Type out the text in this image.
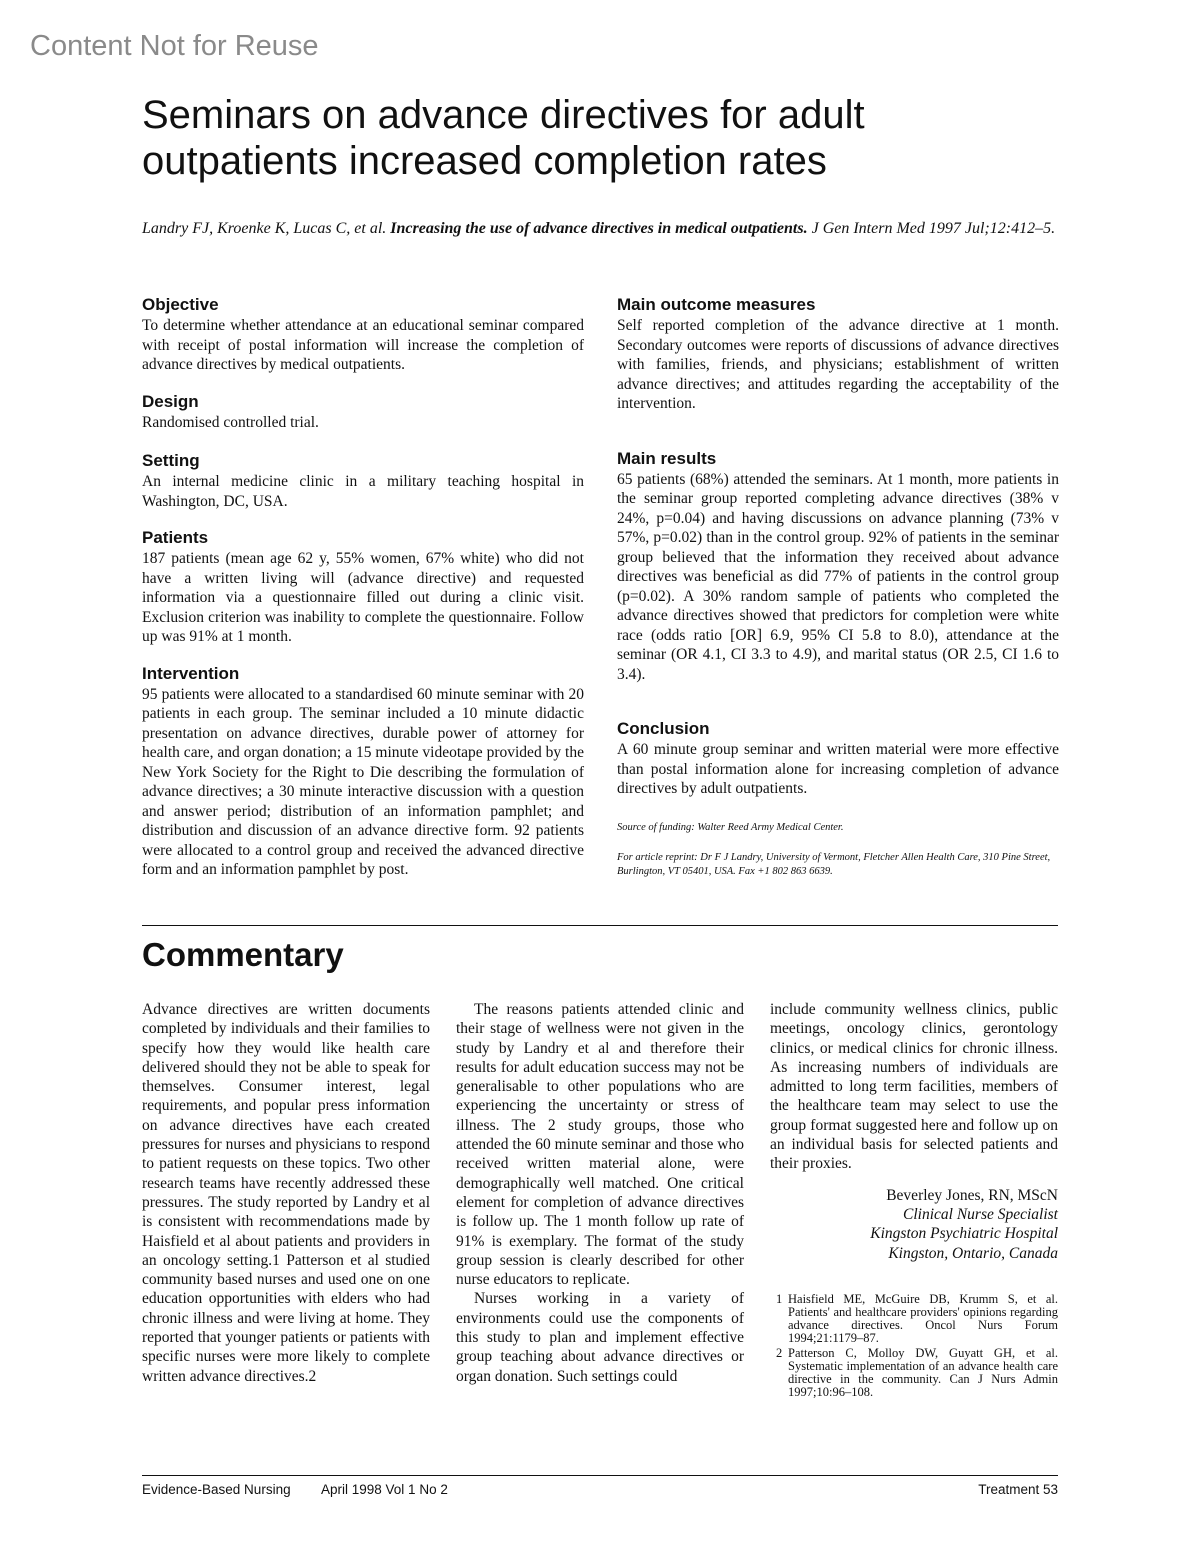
Content Not for Reuse
Seminars on advance directives for adult
outpatients increased completion rates
Landry FJ, Kroenke K, Lucas C, et al. Increasing the use of advance directives in medical outpatients. J Gen Intern Med 1997 Jul;12:412–5.
Objective

To determine whether attendance at an educational seminar compared with receipt of postal information will increase the completion of advance directives by medical outpatients.

Design

Randomised controlled trial.

Setting

An internal medicine clinic in a military teaching hospital in Washington, DC, USA.

Patients

187 patients (mean age 62 y, 55% women, 67% white) who did not have a written living will (advance directive) and requested information via a questionnaire filled out during a clinic visit. Exclusion criterion was inability to complete the questionnaire. Follow up was 91% at 1 month.

Intervention

95 patients were allocated to a standardised 60 minute seminar with 20 patients in each group. The seminar included a 10 minute didactic presentation on advance directives, durable power of attorney for health care, and organ donation; a 15 minute videotape provided by the New York Society for the Right to Die describing the formulation of advance directives; a 30 minute interactive discussion with a question and answer period; distribution of an information pamphlet; and distribution and discussion of an advance directive form. 92 patients were allocated to a control group and received the advanced directive form and an information pamphlet by post.

Main outcome measures

Self reported completion of the advance directive at 1 month. Secondary outcomes were reports of discussions of advance directives with families, friends, and physicians; establishment of written advance directives; and attitudes regarding the acceptability of the intervention.

Main results

65 patients (68%) attended the seminars. At 1 month, more patients in the seminar group reported completing advance directives (38% v 24%, p=0.04) and having discussions on advance planning (73% v 57%, p=0.02) than in the control group. 92% of patients in the seminar group believed that the information they received about advance directives was beneficial as did 77% of patients in the control group (p=0.02). A 30% random sample of patients who completed the advance directives showed that predictors for completion were white race (odds ratio [OR] 6.9, 95% CI 5.8 to 8.0), attendance at the seminar (OR 4.1, CI 3.3 to 4.9), and marital status (OR 2.5, CI 1.6 to 3.4).

Conclusion

A 60 minute group seminar and written material were more effective than postal information alone for increasing completion of advance directives by adult outpatients.

Source of funding: Walter Reed Army Medical Center.

For article reprint: Dr F J Landry, University of Vermont, Fletcher Allen Health Care, 310 Pine Street, Burlington, VT 05401, USA. Fax +1 802 863 6639.

Commentary

Advance directives are written documents completed by individuals and their families to specify how they would like health care delivered should they not be able to speak for themselves. Consumer interest, legal requirements, and popular press information on advance directives have each created pressures for nurses and physicians to respond to patient requests on these topics. Two other research teams have recently addressed these pressures. The study reported by Landry et al is consistent with recommendations made by Haisfield et al about patients and providers in an oncology setting.1 Patterson et al studied community based nurses and used one on one education opportunities with elders who had chronic illness and were living at home. They reported that younger patients or patients with specific nurses were more likely to complete written advance directives.2

The reasons patients attended clinic and their stage of wellness were not given in the study by Landry et al and therefore their results for adult education success may not be generalisable to other populations who are experiencing the uncertainty or stress of illness. The 2 study groups, those who attended the 60 minute seminar and those who received written material alone, were demographically well matched. One critical element for completion of advance directives is follow up. The 1 month follow up rate of 91% is exemplary. The format of the study group session is clearly described for other nurse educators to replicate.

Nurses working in a variety of environments could use the components of this study to plan and implement effective group teaching about advance directives or organ donation. Such settings could

include community wellness clinics, public meetings, oncology clinics, gerontology clinics, or medical clinics for chronic illness. As increasing numbers of individuals are admitted to long term facilities, members of the healthcare team may select to use the group format suggested here and follow up on an individual basis for selected patients and their proxies.

Beverley Jones, RN, MScN
Clinical Nurse Specialist
Kingston Psychiatric Hospital
Kingston, Ontario, Canada

1 Haisfield ME, McGuire DB, Krumm S, et al. Patients' and healthcare providers' opinions regarding advance directives. Oncol Nurs Forum 1994;21:1179–87.
2 Patterson C, Molloy DW, Guyatt GH, et al. Systematic implementation of an advance health care directive in the community. Can J Nurs Admin 1997;10:96–108.
Evidence-Based Nursing April 1998 Vol 1 No 2	Treatment 53
